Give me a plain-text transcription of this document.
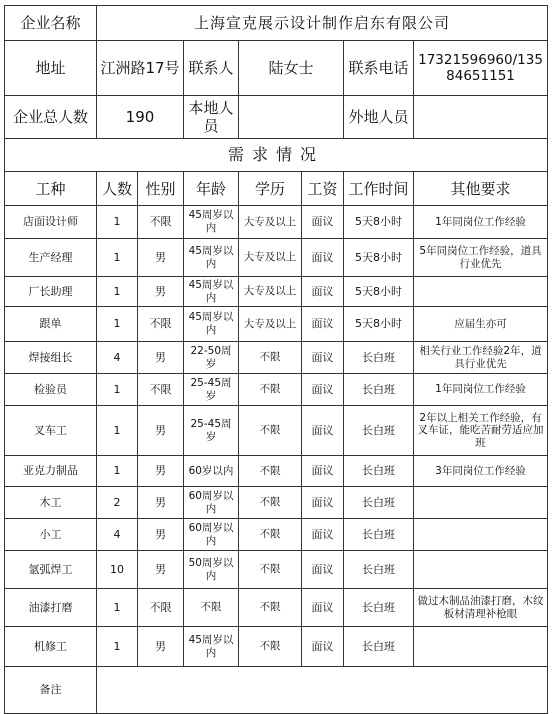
企业名称	上海宣克展示设计制作启东有限公司						
地址	江洲路17号		联系人	陆女士		联系电话	17321596960/135
84651151

企业总人数	190		本地人员			外地人员	
需求情况							
工种	人数	性别	年龄	学历	工资	工作时间	其他要求
店面设计师	1	不限	45周岁以内	大专及以上	面议	5天8小时	1年同岗位工作经验
生产经理	1	男	45周岁以内	大专及以上	面议	5天8小时	5年同岗位工作经验，道具行业优先
厂长助理	1	男	45周岁以内	大专及以上	面议	5天8小时	
跟单	1	不限	45周岁以内	大专及以上	面议	5天8小时	应届生亦可
焊接组长	4	男	22-50周岁	不限	面议	长白班	相关行业工作经验2年，道具行业优先
检验员	1	不限	25-45周岁	不限	面议	长白班	1年同岗位工作经验
叉车工	1	男	25-45周岁	不限	面议	长白班	2年以上相关工作经验，有叉车证，能吃苦耐劳适应加班
亚克力制品	1	男	60岁以内	不限	面议	长白班	3年同岗位工作经验
木工	2	男	60周岁以内	不限	面议	长白班	
小工	4	男	60周岁以内	不限	面议	长白班	
氩弧焊工	10	男	50周岁以内	不限	面议	长白班	
油漆打磨	1	不限	不限	不限	面议	长白班	做过木制品油漆打磨，木纹板材清理补枪眼
机修工	1	男	45周岁以内	不限	面议	长白班	
备注							
